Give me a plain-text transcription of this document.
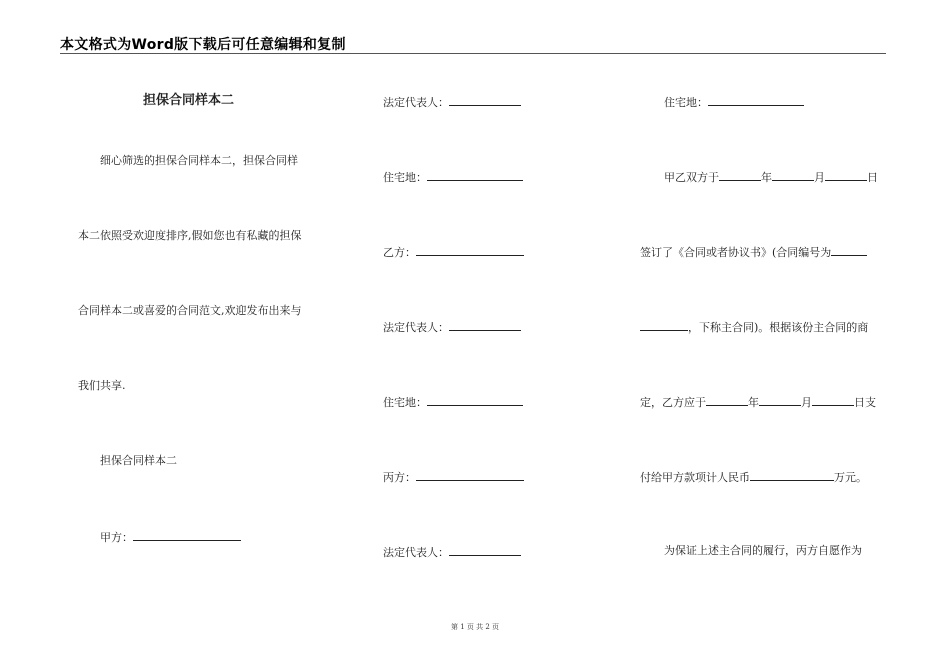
本文格式为Word版下载后可任意编辑和复制
担保合同样本二
细心筛选的担保合同样本二，担保合同样
本二依照受欢迎度排序,假如您也有私藏的担保
合同样本二或喜爱的合同范文,欢迎发布出来与
我们共享.
担保合同样本二
甲方：
法定代表人：
住宅地：
乙方：
法定代表人：
住宅地：
丙方：
法定代表人：
住宅地：
甲乙双方于	年	月	日
签订了《合同或者协议书》(合同编号为
，下称主合同)。根据该份主合同的商
定，乙方应于	年	月	日支
付给甲方款项计人民币	万元。
为保证上述主合同的履行，丙方自愿作为
第 1 页 共 2 页
